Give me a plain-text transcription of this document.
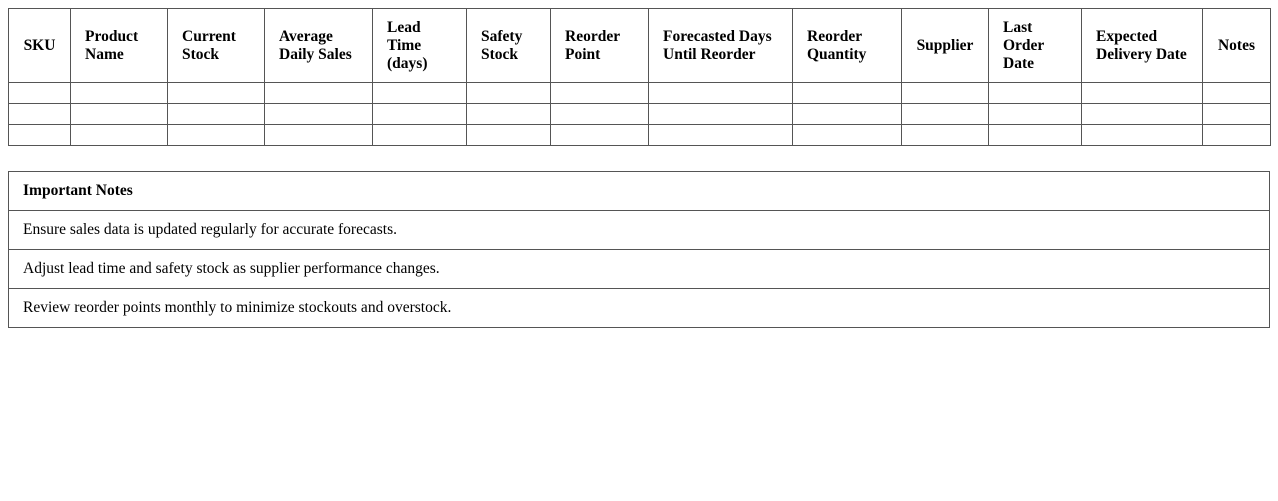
SKU	Product Name	Current Stock	Average Daily Sales	Lead Time (days)	Safety Stock	Reorder Point	Forecasted Days Until Reorder	Reorder Quantity	Supplier	Last Order Date	Expected Delivery Date	Notes

Important Notes
Ensure sales data is updated regularly for accurate forecasts.
Adjust lead time and safety stock as supplier performance changes.
Review reorder points monthly to minimize stockouts and overstock.
